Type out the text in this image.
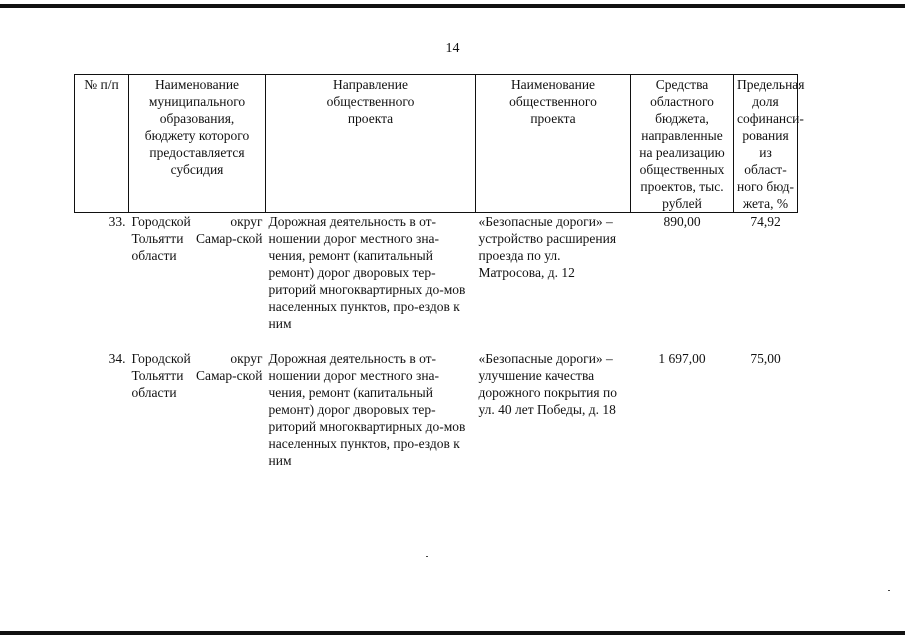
14
№ п/п	Наименование муниципального образования, бюджету которого предоставляется субсидия	Направление общественного проекта	Наименование общественного проекта	Средства областного бюджета, направленные на реализацию общественных проектов, тыс. рублей	Предельная доля софинанси-рования из област-ного бюд-жета, %
33.	Городской округ Тольятти Самар-ской области	Дорожная деятельность в от-ношении дорог местного зна-чения, ремонт (капитальный ремонт) дорог дворовых тер-риторий многоквартирных до-мов населенных пунктов, про-ездов к ним	«Безопасные дороги» – устройство расширения проезда по ул. Матросова, д. 12	890,00	74,92

34.	Городской округ Тольятти Самар-ской области	Дорожная деятельность в от-ношении дорог местного зна-чения, ремонт (капитальный ремонт) дорог дворовых тер-риторий многоквартирных до-мов населенных пунктов, про-ездов к ним	«Безопасные дороги» – улучшение качества дорожного покрытия по ул. 40 лет Победы, д. 18	1 697,00	75,00
